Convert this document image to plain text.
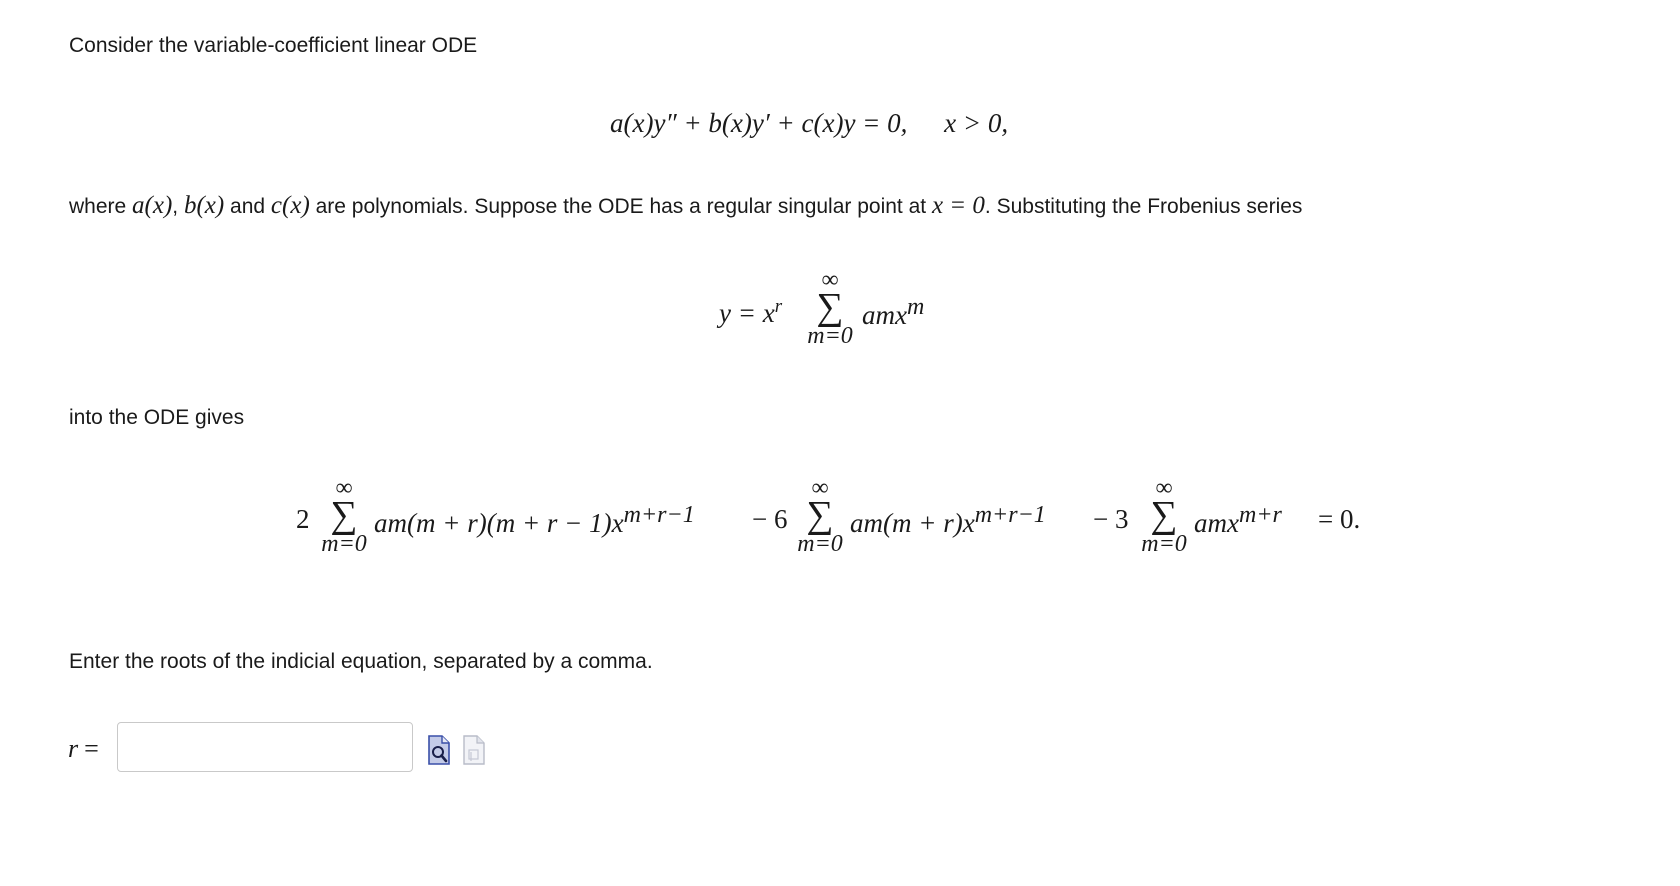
Consider the variable-coefficient linear ODE
a(x)y″ + b(x)y′ + c(x)y = 0, x > 0,
where a(x), b(x) and c(x) are polynomials. Suppose the ODE has a regular singular point at x = 0. Substituting the Frobenius series
$y = x^r$
∞
∑
m=0
amx$^m$
into the ODE gives
2
∞
∑
m=0
$am(m + r)(m + r - 1)x^{m+r-1} - 6$
∞
∑
m=0
$am(m + r)x^{m+r-1} - 3$
∞
∑
m=0
amx$^{m+r}$ = 0.
Enter the roots of the indicial equation, separated by a comma.
r =
